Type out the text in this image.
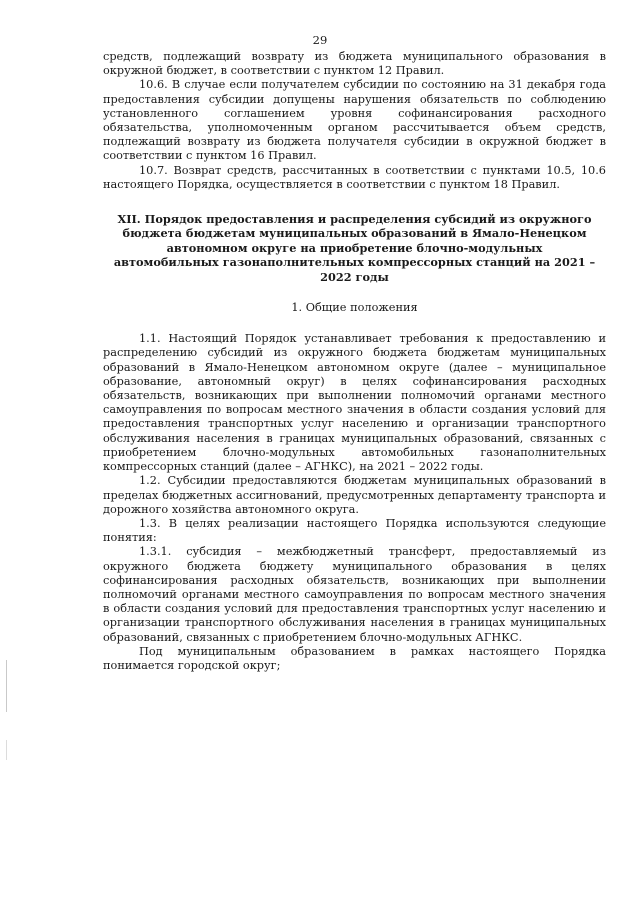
29

средств, подлежащий возврату из бюджета муниципального образования в окружной бюджет, в соответствии с пунктом 12 Правил.

10.6. В случае если получателем субсидии по состоянию на 31 декабря года предоставления субсидии допущены нарушения обязательств по соблюдению установленного соглашением уровня софинансирования расходного обязательства, уполномоченным органом рассчитывается объем средств, подлежащий возврату из бюджета получателя субсидии в окружной бюджет в соответствии с пунктом 16 Правил.

10.7. Возврат средств, рассчитанных в соответствии с пунктами 10.5, 10.6 настоящего Порядка, осуществляется в соответствии с пунктом 18 Правил.

XII. Порядок предоставления и распределения субсидий из окружного бюджета бюджетам муниципальных образований в Ямало-Ненецком автономном округе на приобретение блочно-модульных автомобильных газонаполнительных компрессорных станций на 2021 – 2022 годы
1. Общие положения

1.1. Настоящий Порядок устанавливает требования к предоставлению и распределению субсидий из окружного бюджета бюджетам муниципальных образований в Ямало-Ненецком автономном округе (далее – муниципальное образование, автономный округ) в целях софинансирования расходных обязательств, возникающих при выполнении полномочий органами местного самоуправления по вопросам местного значения в области создания условий для предоставления транспортных услуг населению и организации транспортного обслуживания населения в границах муниципальных образований, связанных с приобретением блочно-модульных автомобильных газонаполнительных компрессорных станций (далее – АГНКС), на 2021 – 2022 годы.

1.2. Субсидии предоставляются бюджетам муниципальных образований в пределах бюджетных ассигнований, предусмотренных департаменту транспорта и дорожного хозяйства автономного округа.

1.3. В целях реализации настоящего Порядка используются следующие понятия:

1.3.1. субсидия – межбюджетный трансферт, предоставляемый из окружного бюджета бюджету муниципального образования в целях софинансирования расходных обязательств, возникающих при выполнении полномочий органами местного самоуправления по вопросам местного значения в области создания условий для предоставления транспортных услуг населению и организации транспортного обслуживания населения в границах муниципальных образований, связанных с приобретением блочно-модульных АГНКС.

Под муниципальным образованием в рамках настоящего Порядка понимается городской округ;
